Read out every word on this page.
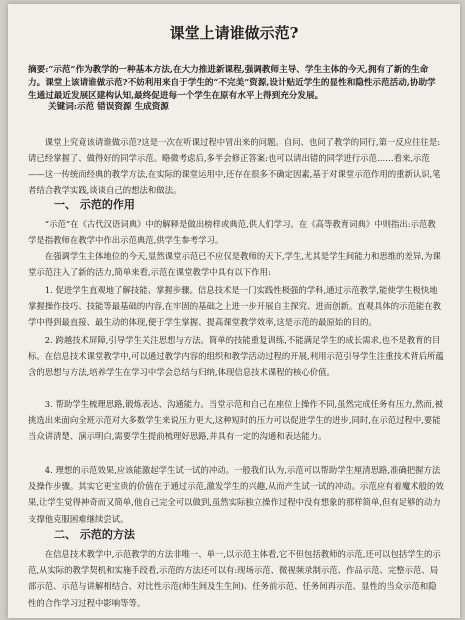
课堂上请谁做示范?
摘要:“示范”作为教学的一种基本方法,在大力推进新课程,强调教师主导、学生主体的今天,拥有了新的生命力。课堂上该请谁做示范?不妨利用来自于学生的“不完美”资源,设计贴近学生的显性和隐性示范活动,协助学生通过最近发展区建构认知,最终促进每一个学生在原有水平上得到充分发展。
关键词:示范 错误资源 生成资源
课堂上究竟该请谁做示范?这是一次在听课过程中冒出来的问题。自问、也问了教学的同行,第一反应往往是:请已经掌握了、做得好的同学示范。略微考虑后,多半会修正答案:也可以请出错的同学进行示范……看来,示范——这一传统而经典的教学方法,在实际的课堂运用中,还存在很多不确定因素,基于对课堂示范作用的重新认识,笔者结合教学实践,谈谈自己的想法和做法。
一、 示范的作用
“示范”在《古代汉语词典》中的解释是做出榜样或典范,供人们学习。在《高等教育词典》中则指出:示范教学是指教师在教学中作出示范典范,供学生参考学习。
在强调学生主体地位的今天,显然课堂示范已不应仅是教师的天下,学生,尤其是学生间能力和思维的差异,为课堂示范注入了新的活力,简单来看,示范在课堂教学中具有以下作用:
1. 促进学生直观地了解技能、掌握步骤。信息技术是一门实践性极强的学科,通过示范教学,能使学生极快地掌握操作技巧、技能等最基础的内容,在牢固的基础之上进一步开展自主探究、进而创新。直观具体的示范能在教学中得到最直接、最生动的体现,便于学生掌握、提高课堂教学效率,这是示范的最原始的目的。
2. 跨越技术屏障,引导学生关注思想与方法。简单的技能重复训练,不能满足学生的成长需求,也不是教育的目标。在信息技术课堂教学中,可以通过教学内容的组织和教学活动过程的开展,利用示范引导学生注重技术背后所蕴含的思想与方法,培养学生在学习中学会总结与归纳,体现信息技术课程的核心价值。
3. 帮助学生梳理思路,锻炼表达、沟通能力。当堂示范和自己在座位上操作不同,虽然完成任务有压力,然而,被挑选出来面向全班示范对大多数学生来说压力更大,这种短时的压力可以促进学生的进步,同时,在示范过程中,要能当众讲清楚、演示明白,需要学生提前梳理好思路,并具有一定的沟通和表达能力。
4. 理想的示范效果,应该能激起学生试一试的冲动。一般我们认为,示范可以帮助学生厘清思路,准确把握方法及操作步骤。其实它更宝贵的价值在于通过示范,激发学生的兴趣,从而产生试一试的冲动。示范应有着魔术般的效果,让学生觉得神奇而又简单,他自己完全可以做到,虽然实际独立操作过程中没有想象的那样简单,但有足够的动力支撑他克服困难继续尝试。
二、 示范的方法
在信息技术教学中,示范教学的方法非唯一、单一,以示范主体看,它不但包括教师的示范,还可以包括学生的示范,从实际的教学契机和实施手段看,示范的方法还可以有:现场示范、微视频录制示范、作品示范、完整示范、局部示范、示范与讲解相结合、对比性示范(师生间及生生间)、任务前示范、任务间再示范、显性的当众示范和隐性的合作学习过程中影响等等。
